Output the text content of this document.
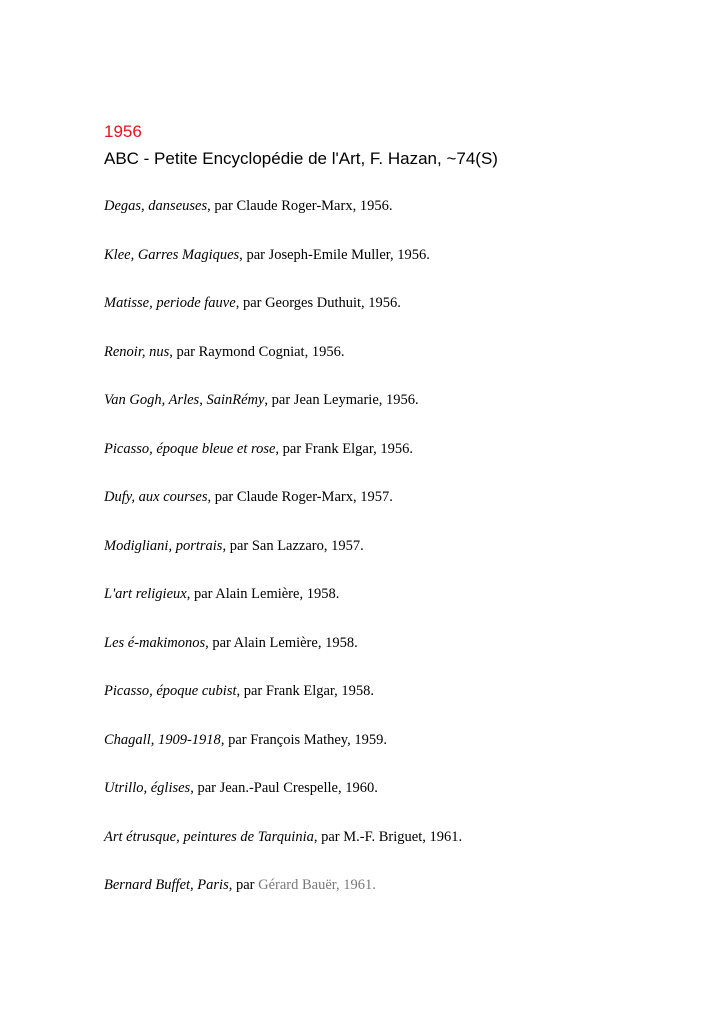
1956
ABC - Petite Encyclopédie de l'Art, F. Hazan, ~74(S)
Degas, danseuses, par Claude Roger-Marx, 1956.
Klee, Garres Magiques, par Joseph-Emile Muller, 1956.
Matisse, periode fauve, par Georges Duthuit, 1956.
Renoir, nus, par Raymond Cogniat, 1956.
Van Gogh, Arles, SainRémy, par Jean Leymarie, 1956.
Picasso, époque bleue et rose, par Frank Elgar, 1956.
Dufy, aux courses, par Claude Roger-Marx, 1957.
Modigliani, portrais, par San Lazzaro, 1957.
L'art religieux, par Alain Lemière, 1958.
Les é-makimonos, par Alain Lemière, 1958.
Picasso, époque cubist, par Frank Elgar, 1958.
Chagall, 1909-1918, par François Mathey, 1959.
Utrillo, églises, par Jean.-Paul Crespelle, 1960.
Art étrusque, peintures de Tarquinia, par M.-F. Briguet, 1961.
Bernard Buffet, Paris, par Gérard Bauër, 1961.
